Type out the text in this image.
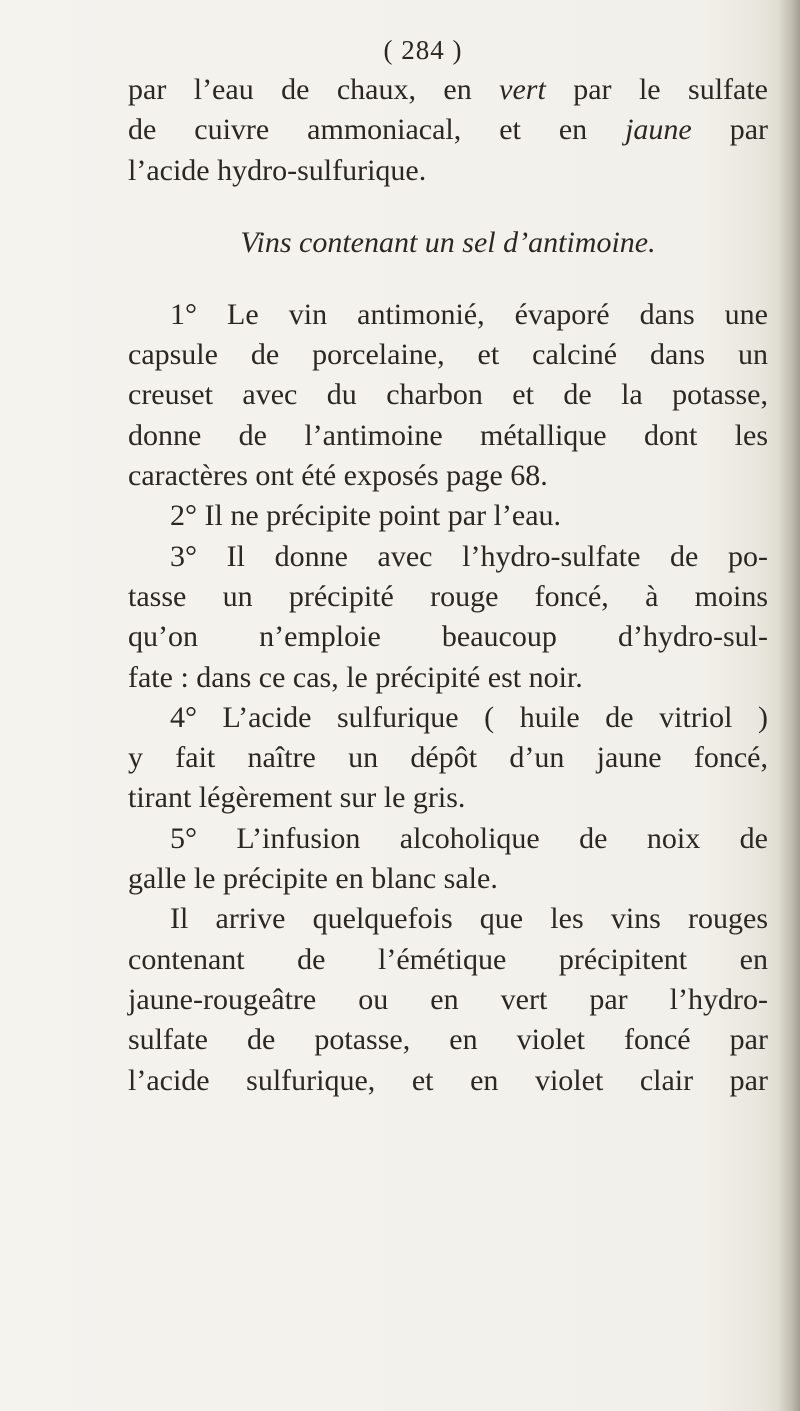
( 284 )
par l’eau de chaux, en vert par le sulfate
de cuivre ammoniacal, et en jaune par
l’acide hydro-sulfurique.
Vins contenant un sel d’antimoine.
1° Le vin antimonié, évaporé dans une
capsule de porcelaine, et calciné dans un
creuset avec du charbon et de la potasse,
donne de l’antimoine métallique dont les
caractères ont été exposés page 68.
2° Il ne précipite point par l’eau.
3° Il donne avec l’hydro-sulfate de po-
tasse un précipité rouge foncé, à moins
qu’on n’emploie beaucoup d’hydro-sul-
fate : dans ce cas, le précipité est noir.
4° L’acide sulfurique ( huile de vitriol )
y fait naître un dépôt d’un jaune foncé,
tirant légèrement sur le gris.
5° L’infusion alcoholique de noix de
galle le précipite en blanc sale.
Il arrive quelquefois que les vins rouges
contenant de l’émétique précipitent en
jaune-rougeâtre ou en vert par l’hydro-
sulfate de potasse, en violet foncé par
l’acide sulfurique, et en violet clair par
